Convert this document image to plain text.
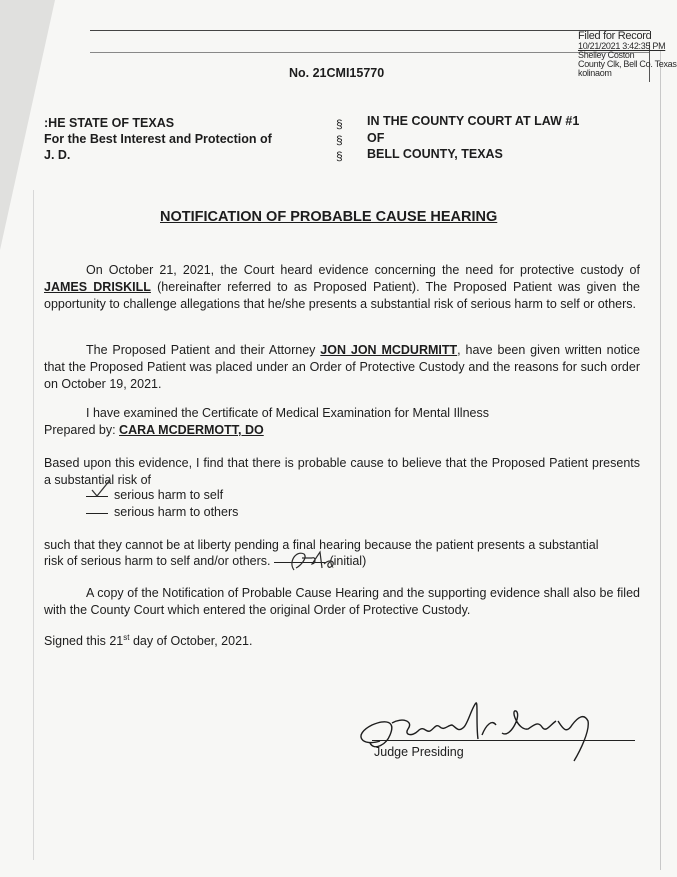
Filed for Record
10/21/2021 3:42:35 PM
Shelley Coston
County Clk, Bell Co. Texas
kolinaom
No. 21CMI15770
:HE STATE OF TEXAS
For the Best Interest and Protection of
J. D.
§
§
§
IN THE COUNTY COURT AT LAW #1
OF
BELL COUNTY, TEXAS
NOTIFICATION OF PROBABLE CAUSE HEARING
On October 21, 2021, the Court heard evidence concerning the need for protective custody of JAMES DRISKILL (hereinafter referred to as Proposed Patient). The Proposed Patient was given the opportunity to challenge allegations that he/she presents a substantial risk of serious harm to self or others.
The Proposed Patient and their Attorney JON JON MCDURMITT, have been given written notice that the Proposed Patient was placed under an Order of Protective Custody and the reasons for such order on October 19, 2021.
I have examined the Certificate of Medical Examination for Mental Illness
Prepared by: CARA MCDERMOTT, DO
Based upon this evidence, I find that there is probable cause to believe that the Proposed Patient presents a substantial risk of
serious harm to self
serious harm to others
such that they cannot be at liberty pending a final hearing because the patient presents a substantial
risk of serious harm to self and/or others.	(initial)
A copy of the Notification of Probable Cause Hearing and the supporting evidence shall also be filed with the County Court which entered the original Order of Protective Custody.
Signed this 21st day of October, 2021.
Judge Presiding
